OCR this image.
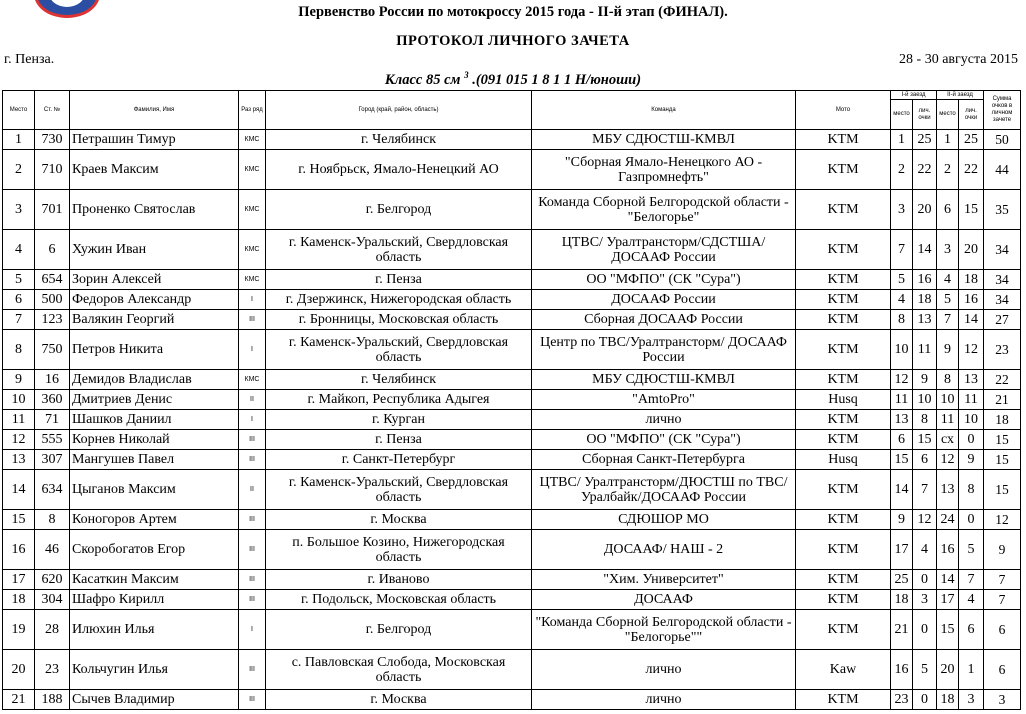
Первенство России по мотокроссу 2015 года - II-й этап (ФИНАЛ).
ПРОТОКОЛ ЛИЧНОГО ЗАЧЕТА
г. Пенза.	28 - 30 августа 2015
Класс 85 см $^3$ .(091 015 1 8 1 1 Н/юноши)
Место	Ст. №	Фамилия, Имя	Раз ряд	Город (край, район, область)	Команда	Мото	I-й заезд		II-й заезд		Сумма очков в личном зачете
							место	лич. очки	место	лич. очки	
1	730	Петрашин Тимур	КМС	г. Челябинск	МБУ СДЮСТШ-КМВЛ	KTM	1	25	1	25	50
2	710	Краев Максим	КМС	г. Ноябрьск, Ямало-Ненецкий АО	"Сборная Ямало-Ненецкого АО - Газпромнефть"	KTM	2	22	2	22	44
3	701	Проненко Святослав	КМС	г. Белгород	Команда Сборной Белгородской области - "Белогорье"	KTM	3	20	6	15	35
4	6	Хужин Иван	КМС	г. Каменск-Уральский, Свердловская область	ЦТВС/ Уралтрансторм/СДСТША/ ДОСААФ России	KTM	7	14	3	20	34
5	654	Зорин Алексей	КМС	г. Пенза	ОО "МФПО" (СК "Сура")	KTM	5	16	4	18	34
6	500	Федоров Александр	I	г. Дзержинск, Нижегородская область	ДОСААФ России	KTM	4	18	5	16	34
7	123	Валякин Георгий	III	г. Бронницы, Московская область	Сборная ДОСААФ России	KTM	8	13	7	14	27
8	750	Петров Никита	I	г. Каменск-Уральский, Свердловская область	Центр по ТВС/Уралтрансторм/ ДОСААФ России	KTM	10	11	9	12	23
9	16	Демидов Владислав	КМС	г. Челябинск	МБУ СДЮСТШ-КМВЛ	KTM	12	9	8	13	22
10	360	Дмитриев Денис	II	г. Майкоп, Республика Адыгея	"AmtoPro"	Husq	11	10	10	11	21
11	71	Шашков Даниил	I	г. Курган	лично	KTM	13	8	11	10	18
12	555	Корнев Николай	III	г. Пенза	ОО "МФПО" (СК "Сура")	KTM	6	15	сх	0	15
13	307	Мангушев Павел	III	г. Санкт-Петербург	Сборная Санкт-Петербурга	Husq	15	6	12	9	15
14	634	Цыганов Максим	II	г. Каменск-Уральский, Свердловская область	ЦТВС/ Уралтрансторм/ДЮСТШ по ТВС/Уралбайк/ДОСААФ России	KTM	14	7	13	8	15
15	8	Коногоров Артем	III	г. Москва	СДЮШОР МО	KTM	9	12	24	0	12
16	46	Скоробогатов Егор	III	п. Большое Козино, Нижегородская область	ДОСААФ/ НАШ - 2	KTM	17	4	16	5	9
17	620	Касаткин Максим	III	г. Иваново	"Хим. Университет"	KTM	25	0	14	7	7
18	304	Шафро Кирилл	III	г. Подольск, Московская область	ДОСААФ	KTM	18	3	17	4	7
19	28	Илюхин Илья	I	г. Белгород	"Команда Сборной Белгородской области - "Белогорье""	KTM	21	0	15	6	6
20	23	Кольчугин Илья	III	с. Павловская Слобода, Московская область	лично	Kaw	16	5	20	1	6
21	188	Сычев Владимир	III	г. Москва	лично	KTM	23	0	18	3	3
